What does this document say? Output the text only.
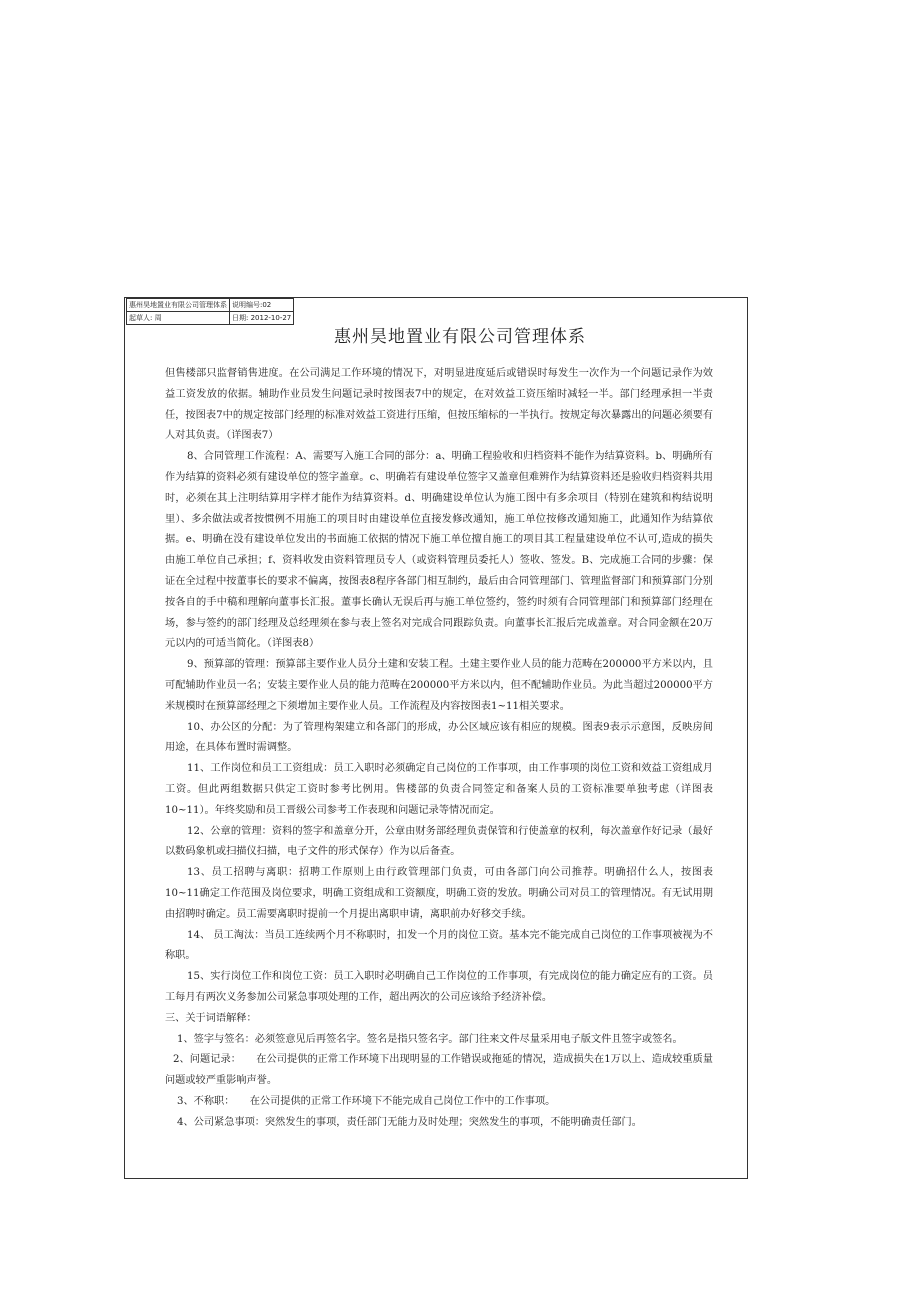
惠州昊地置业有限公司管理体系	说明编号:02
起草人: 周	日期: 2012-10-27
惠州昊地置业有限公司管理体系

但售楼部只监督销售进度。在公司满足工作环境的情况下，对明显进度延后或错误时每发生一次作为一个问题记录作为效益工资发放的依据。辅助作业员发生问题记录时按图表7中的规定，在对效益工资压缩时减轻一半。部门经理承担一半责任，按图表7中的规定按部门经理的标准对效益工资进行压缩，但按压缩标的一半执行。按规定每次暴露出的问题必须要有人对其负责。（详图表7）

8、合同管理工作流程：A、需要写入施工合同的部分：a、明确工程验收和归档资料不能作为结算资料。b、明确所有作为结算的资料必须有建设单位的签字盖章。c、明确若有建设单位签字又盖章但难辨作为结算资料还是验收归档资料共用时，必须在其上注明结算用字样才能作为结算资料。d、明确建设单位认为施工图中有多余项目（特别在建筑和构结说明里）、多余做法或者按惯例不用施工的项目时由建设单位直接发修改通知，施工单位按修改通知施工，此通知作为结算依据。e、明确在没有建设单位发出的书面施工依据的情况下施工单位擅自施工的项目其工程量建设单位不认可,造成的损失由施工单位自己承担；f、资料收发由资料管理员专人（或资料管理员委托人）签收、签发。B、完成施工合同的步骤：保证在全过程中按董事长的要求不偏离，按图表8程序各部门相互制约，最后由合同管理部门、管理监督部门和预算部门分别按各自的手中稿和理解向董事长汇报。董事长确认无误后再与施工单位签约，签约时须有合同管理部门和预算部门经理在场，参与签约的部门经理及总经理须在参与表上签名对完成合同跟踪负责。向董事长汇报后完成盖章。对合同金额在20万元以内的可适当简化。（详图表8）

9、预算部的管理：预算部主要作业人员分土建和安装工程。土建主要作业人员的能力范畴在200000平方米以内，且可配辅助作业员一名；安装主要作业人员的能力范畴在200000平方米以内，但不配辅助作业员。为此当超过200000平方米规模时在预算部经理之下须增加主要作业人员。工作流程及内容按图表1~11相关要求。

10、办公区的分配：为了管理构架建立和各部门的形成，办公区域应该有相应的规模。图表9表示示意图，反映房间用途，在具体布置时需调整。

11、工作岗位和员工工资组成：员工入职时必须确定自己岗位的工作事项，由工作事项的岗位工资和效益工资组成月工资。但此两组数据只供定工资时参考比例用。售楼部的负责合同签定和备案人员的工资标准要单独考虑（详图表10~11）。年终奖励和员工晋级公司参考工作表现和问题记录等情况而定。

12、公章的管理：资料的签字和盖章分开，公章由财务部经理负责保管和行使盖章的权利，每次盖章作好记录（最好以数码象机或扫描仪扫描，电子文件的形式保存）作为以后备查。

13、员工招聘与离职：招聘工作原则上由行政管理部门负责，可由各部门向公司推荐。明确招什么人，按图表10~11确定工作范围及岗位要求，明确工资组成和工资额度，明确工资的发放。明确公司对员工的管理情况。有无试用期由招聘时确定。员工需要离职时提前一个月提出离职申请，离职前办好移交手续。

14、 员工淘汰：当员工连续两个月不称职时，扣发一个月的岗位工资。基本完不能完成自己岗位的工作事项被视为不称职。

15、实行岗位工作和岗位工资：员工入职时必明确自己工作岗位的工作事项，有完成岗位的能力确定应有的工资。员工每月有两次义务参加公司紧急事项处理的工作，超出两次的公司应该给予经济补偿。

三、关于词语解释：

1、签字与签名：必须签意见后再签名字。签名是指只签名字。部门往来文件尽量采用电子版文件且签字或签名。

2、问题记录：　　在公司提供的正常工作环境下出现明显的工作错误或拖延的情况，造成损失在1万以上、造成较重质量问题或较严重影响声誉。

3、不称职：　　在公司提供的正常工作环境下不能完成自己岗位工作中的工作事项。

4、公司紧急事项：突然发生的事项，责任部门无能力及时处理；突然发生的事项，不能明确责任部门。
